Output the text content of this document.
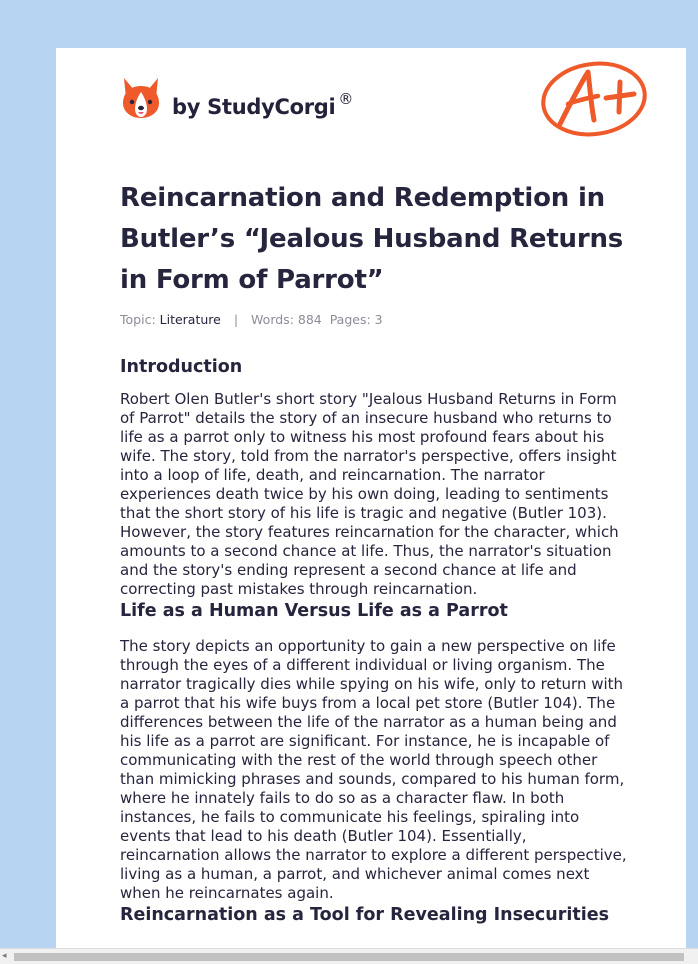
by StudyCorgi ®
Reincarnation and Redemption in Butler’s “Jealous Husband Returns in Form of Parrot”
Topic: Literature | Words: 884 Pages: 3
Introduction

Robert Olen Butler's short story "Jealous Husband Returns in Form of Parrot" details the story of an insecure husband who returns to life as a parrot only to witness his most profound fears about his wife. The story, told from the narrator's perspective, offers insight into a loop of life, death, and reincarnation. The narrator experiences death twice by his own doing, leading to sentiments that the short story of his life is tragic and negative (Butler 103). However, the story features reincarnation for the character, which amounts to a second chance at life. Thus, the narrator's situation and the story's ending represent a second chance at life and correcting past mistakes through reincarnation.

Life as a Human Versus Life as a Parrot

The story depicts an opportunity to gain a new perspective on life through the eyes of a different individual or living organism. The narrator tragically dies while spying on his wife, only to return with a parrot that his wife buys from a local pet store (Butler 104). The differences between the life of the narrator as a human being and his life as a parrot are significant. For instance, he is incapable of communicating with the rest of the world through speech other than mimicking phrases and sounds, compared to his human form, where he innately fails to do so as a character flaw. In both instances, he fails to communicate his feelings, spiraling into events that lead to his death (Butler 104). Essentially, reincarnation allows the narrator to explore a different perspective, living as a human, a parrot, and whichever animal comes next when he reincarnates again.

Reincarnation as a Tool for Revealing Insecurities
◂
